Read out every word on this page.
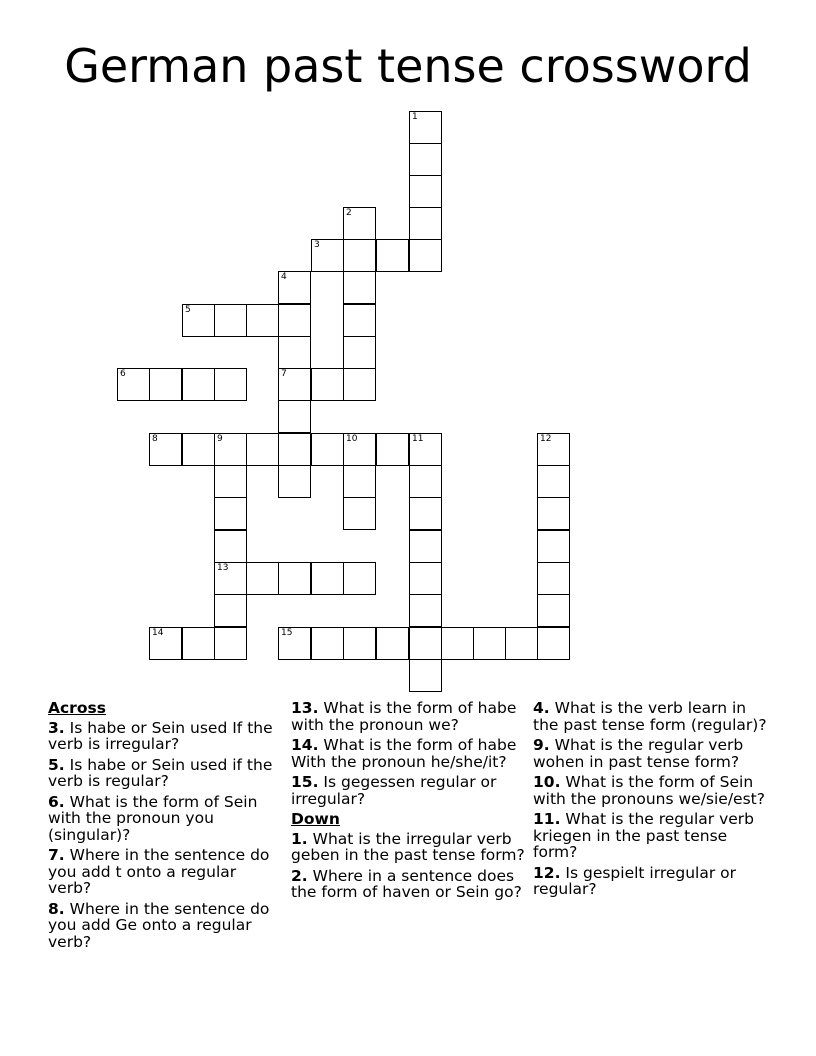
German past tense crossword
1
2
3
4
5
6	7
8	9	10	11	12
13
14	15
Across
3. Is habe or Sein used If the verb is irregular?
5. Is habe or Sein used if the verb is regular?
6. What is the form of Sein with the pronoun you (singular)?
7. Where in the sentence do you add t onto a regular verb?
8. Where in the sentence do you add Ge onto a regular verb?
13. What is the form of habe with the pronoun we?
14. What is the form of habe With the pronoun he/she/it?
15. Is gegessen regular or irregular?
Down
1. What is the irregular verb geben in the past tense form?
2. Where in a sentence does the form of haven or Sein go?
4. What is the verb learn in the past tense form (regular)?
9. What is the regular verb wohen in past tense form?
10. What is the form of Sein with the pronouns we/sie/est?
11. What is the regular verb kriegen in the past tense form?
12. Is gespielt irregular or regular?
